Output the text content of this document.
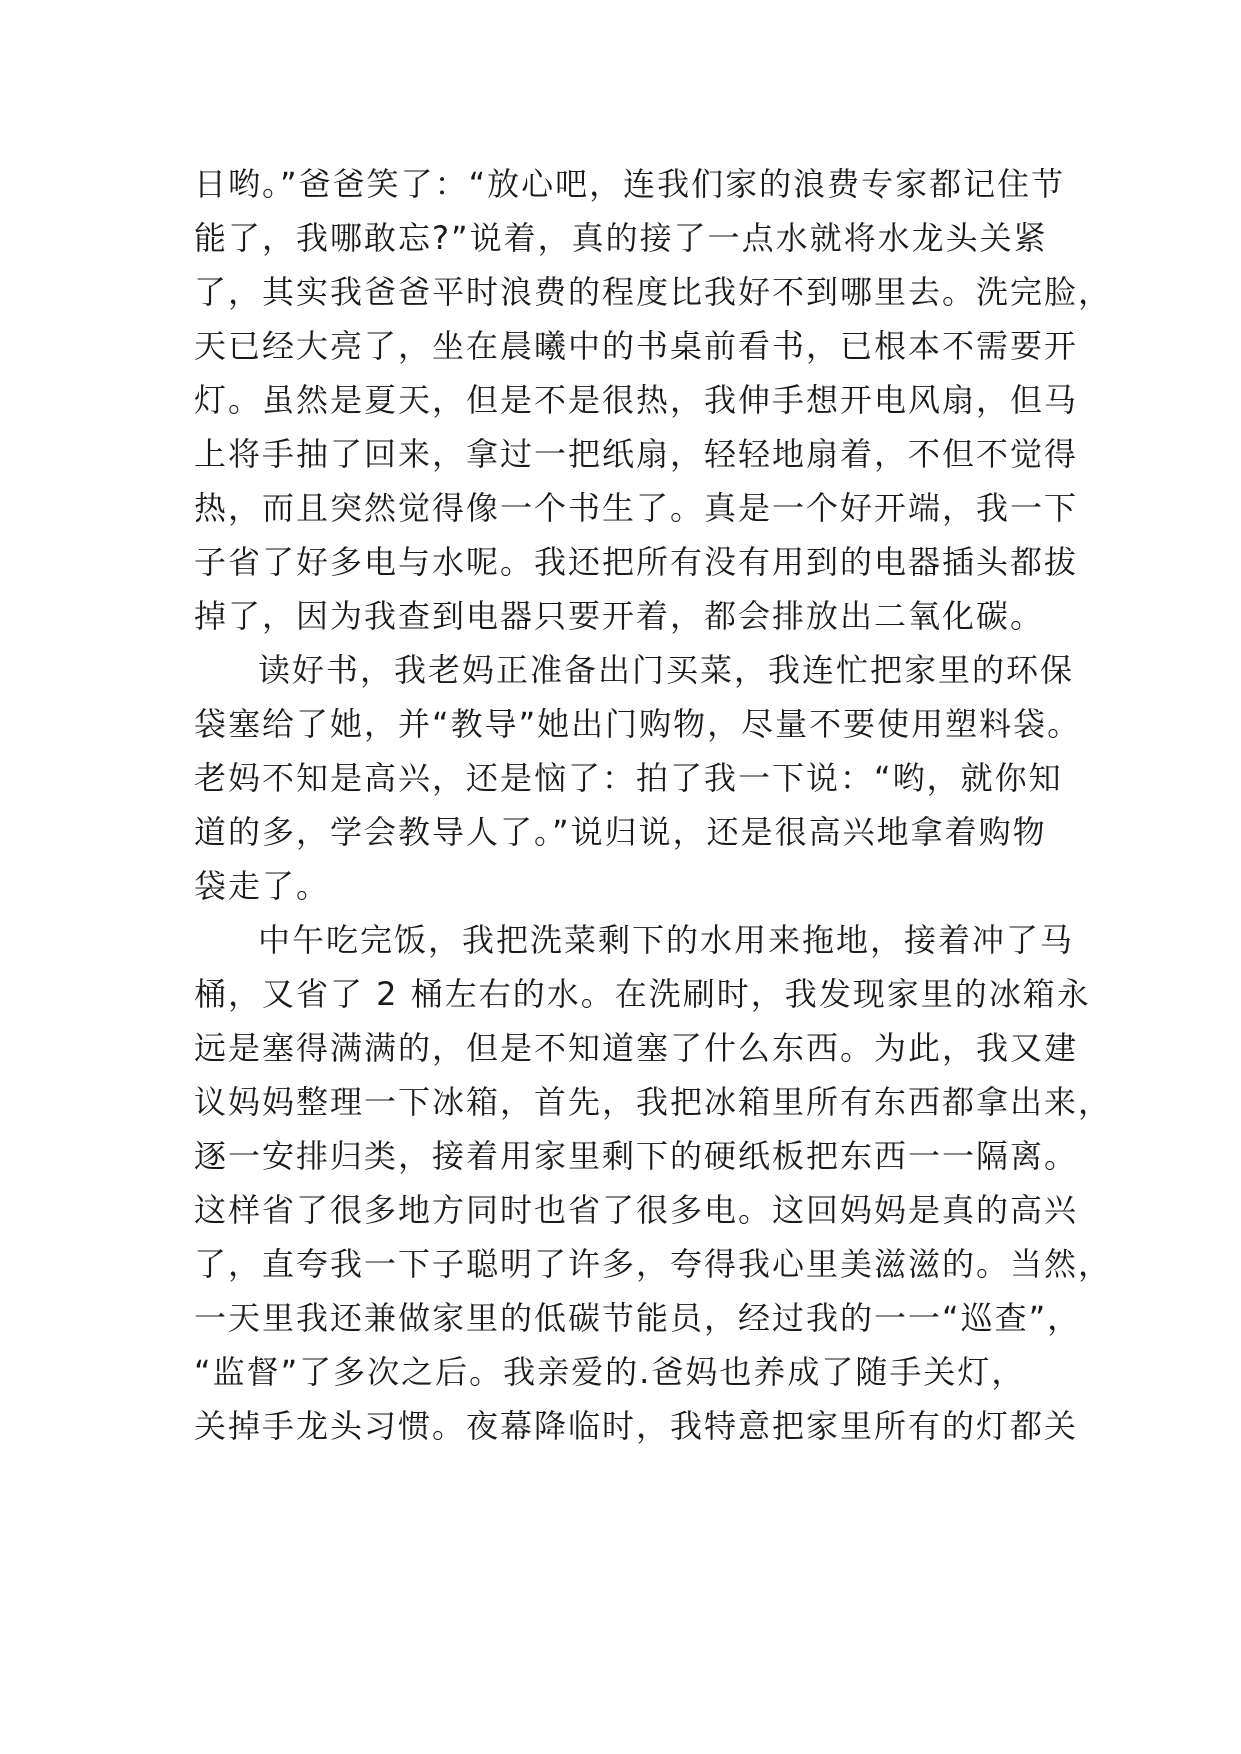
日哟。”爸爸笑了：“放心吧，连我们家的浪费专家都记住节
能了，我哪敢忘?”说着，真的接了一点水就将水龙头关紧
了，其实我爸爸平时浪费的程度比我好不到哪里去。洗完脸，
天已经大亮了，坐在晨曦中的书桌前看书，已根本不需要开
灯。虽然是夏天，但是不是很热，我伸手想开电风扇，但马
上将手抽了回来，拿过一把纸扇，轻轻地扇着，不但不觉得
热，而且突然觉得像一个书生了。真是一个好开端，我一下
子省了好多电与水呢。我还把所有没有用到的电器插头都拔
掉了，因为我查到电器只要开着，都会排放出二氧化碳。
读好书，我老妈正准备出门买菜，我连忙把家里的环保
袋塞给了她，并“教导”她出门购物，尽量不要使用塑料袋。
老妈不知是高兴，还是恼了：拍了我一下说：“哟，就你知
道的多，学会教导人了。”说归说，还是很高兴地拿着购物
袋走了。
中午吃完饭，我把洗菜剩下的水用来拖地，接着冲了马
桶，又省了 2 桶左右的水。在洗刷时，我发现家里的冰箱永
远是塞得满满的，但是不知道塞了什么东西。为此，我又建
议妈妈整理一下冰箱，首先，我把冰箱里所有东西都拿出来，
逐一安排归类，接着用家里剩下的硬纸板把东西一一隔离。
这样省了很多地方同时也省了很多电。这回妈妈是真的高兴
了，直夸我一下子聪明了许多，夸得我心里美滋滋的。当然，
一天里我还兼做家里的低碳节能员，经过我的一一“巡查”，
“监督”了多次之后。我亲爱的.爸妈也养成了随手关灯，
关掉手龙头习惯。夜幕降临时，我特意把家里所有的灯都关
